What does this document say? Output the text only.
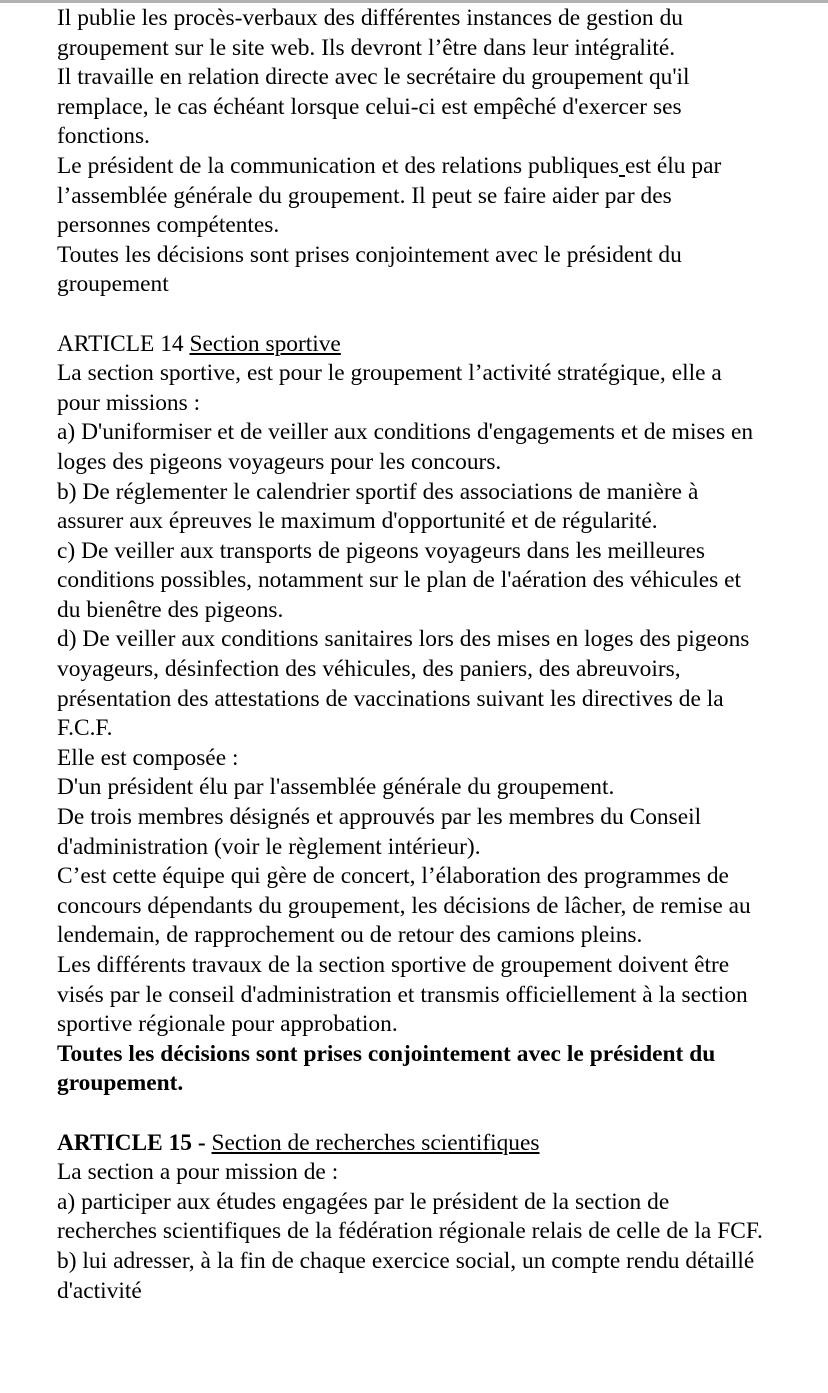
Il publie les procès-verbaux des différentes instances de gestion du groupement sur le site web. Ils devront l’être dans leur intégralité.

Il travaille en relation directe avec le secrétaire du groupement qu'il remplace, le cas échéant lorsque celui-ci est empêché d'exercer ses fonctions.

Le président de la communication et des relations publiques est élu par l’assemblée générale du groupement. Il peut se faire aider par des personnes compétentes.

Toutes les décisions sont prises conjointement avec le président du groupement

ARTICLE 14 Section sportive

La section sportive, est pour le groupement l’activité stratégique, elle a pour missions :

a) D'uniformiser et de veiller aux conditions d'engagements et de mises en loges des pigeons voyageurs pour les concours.

b) De réglementer le calendrier sportif des associations de manière à assurer aux épreuves le maximum d'opportunité et de régularité.

c) De veiller aux transports de pigeons voyageurs dans les meilleures conditions possibles, notamment sur le plan de l'aération des véhicules et du bienêtre des pigeons.

d) De veiller aux conditions sanitaires lors des mises en loges des pigeons voyageurs, désinfection des véhicules, des paniers, des abreuvoirs, présentation des attestations de vaccinations suivant les directives de la F.C.F.

Elle est composée :

D'un président élu par l'assemblée générale du groupement.

De trois membres désignés et approuvés par les membres du Conseil d'administration (voir le règlement intérieur).

C’est cette équipe qui gère de concert, l’élaboration des programmes de concours dépendants du groupement, les décisions de lâcher, de remise au lendemain, de rapprochement ou de retour des camions pleins.

Les différents travaux de la section sportive de groupement doivent être visés par le conseil d'administration et transmis officiellement à la section sportive régionale pour approbation.

Toutes les décisions sont prises conjointement avec le président du groupement.

ARTICLE 15 - Section de recherches scientifiques

La section a pour mission de :

a) participer aux études engagées par le président de la section de recherches scientifiques de la fédération régionale relais de celle de la FCF.

b) lui adresser, à la fin de chaque exercice social, un compte rendu détaillé d'activité
